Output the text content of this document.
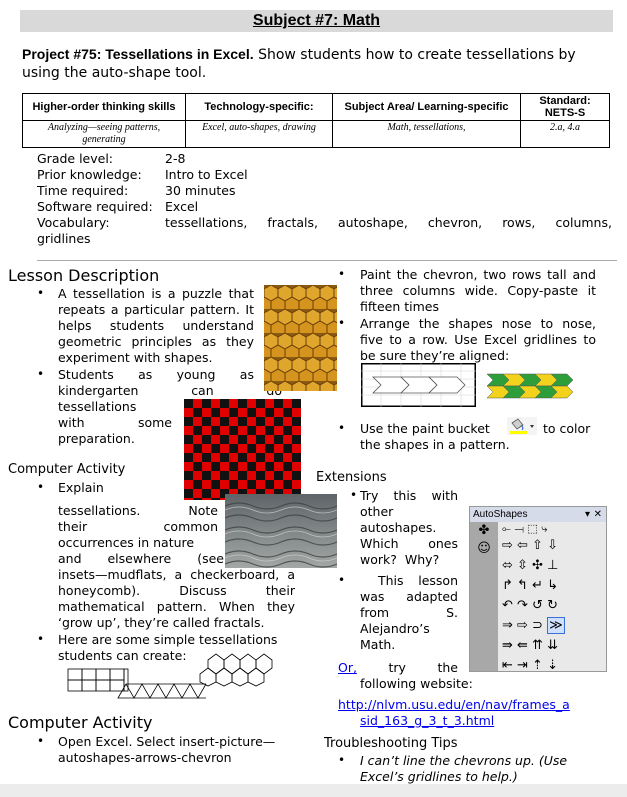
Subject #7: Math
Project #75: Tessellations in Excel. Show students how to create tessellations by using the auto-shape tool.
Higher-order thinking skills	Technology-specific:	Subject Area/ Learning-specific	Standard: NETS-S
Analyzing—seeing patterns, generating	Excel, auto-shapes, drawing	Math, tessellations,	2.a, 4.a
Grade level:	2-8
Prior knowledge:	Intro to Excel
Time required:	30 minutes
Software required: Excel
Vocabulary:	tessellations, fractals, autoshape, chevron, rows, columns,
gridlines
Lesson Description
• A tessellation is a puzzle that repeats a particular pattern. It helps students understand geometric principles as they experiment with shapes.
• Students as young as
kindergarten	can
tessellations
with	some
preparation.
Computer Activity
• Explain
tessellations.	Note
their	common
occurrences in nature
and elsewhere (see
insets—mudflats, a checkerboard, a honeycomb). Discuss their mathematical pattern. When they ‘grow up’, they’re called fractals.
• Here are some simple tessellations students can create:
Computer Activity
• Open Excel. Select insert-picture—autoshapes-arrows-chevron
• Paint the chevron, two rows tall and three columns wide. Copy-paste it fifteen times
• Arrange the shapes nose to nose, five to a row. Use Excel gridlines to be sure they’re aligned:
• Use the paint bucket	to color
the shapes in a pattern.
Extensions
• Try this with
other
autoshapes.
Which ones
work? Why?
•	This lesson
was adapted
from	S.
Alejandro’s
Math.
Or,	try	the
following website:
http://nlvm.usu.edu/en/nav/frames_a
sid_163_g_3_t_3.html
AutoShapes	▾ ✕
✤
☺
⟜ ⟞ ⬚ ⤷
⇨ ⇦ ⇧ ⇩
⬄ ⇳ ✣ ⊥
↱ ↰ ↵ ↳
↶ ↷ ↺ ↻
⇒ ⇨ ⊃ ≫
⇛ ⇚ ⇈ ⇊
⇤ ⇥ ⇡ ⇣
Troubleshooting Tips
• I can’t line the chevrons up. (Use
Excel’s gridlines to help.)
